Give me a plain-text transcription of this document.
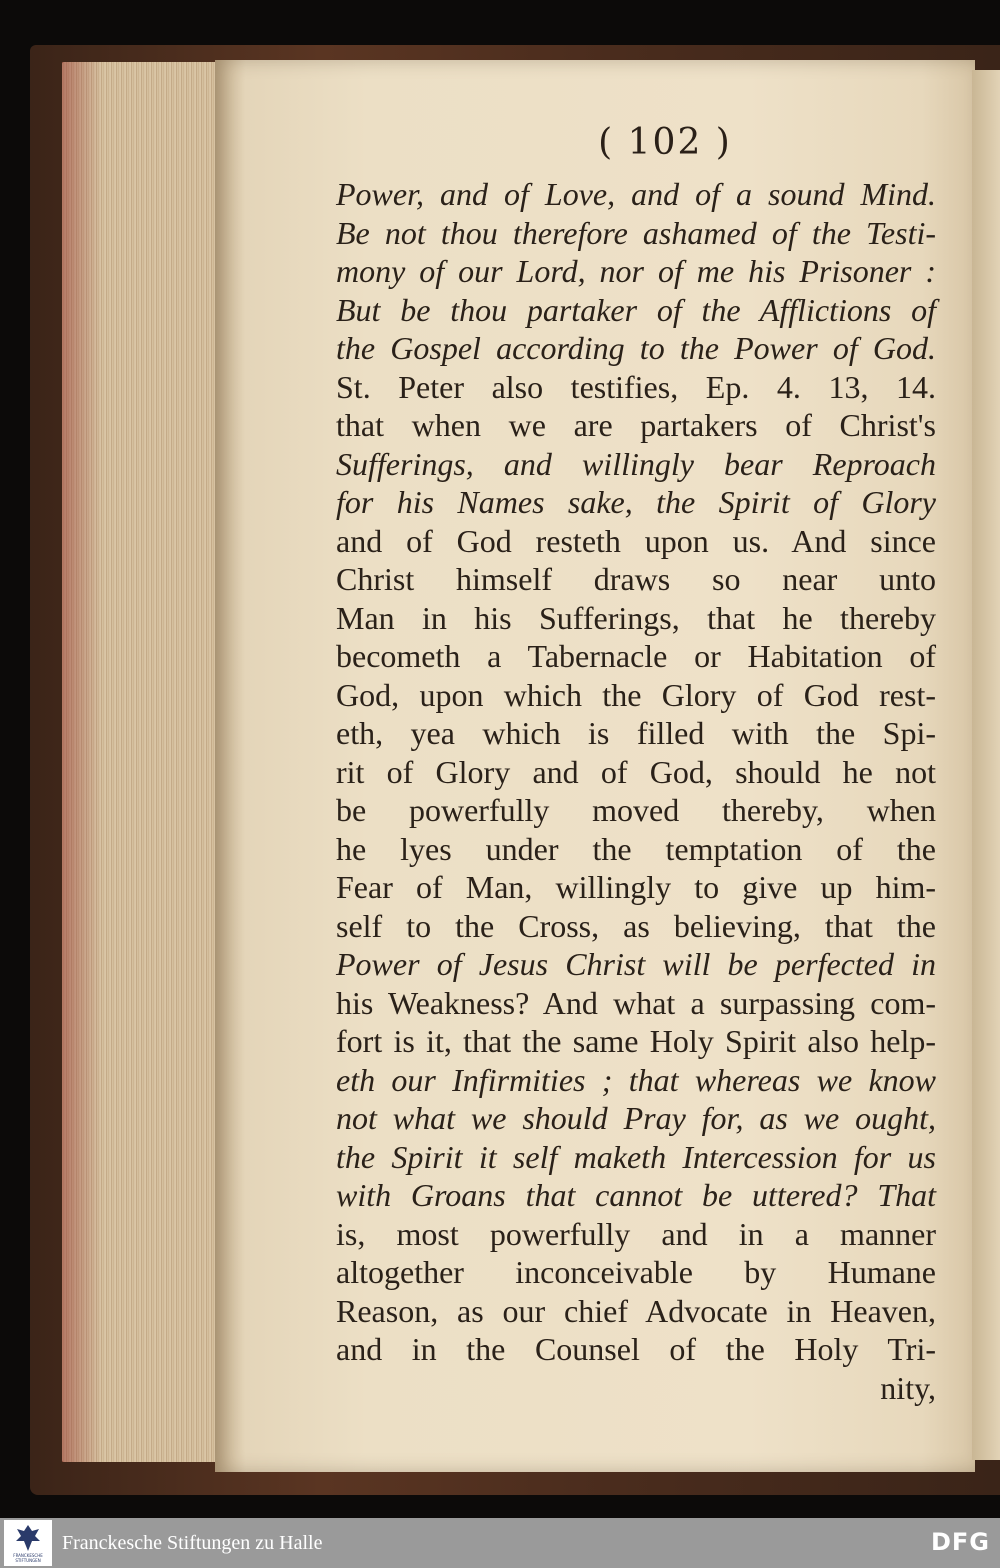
( 102 )
Power, and of Love, and of a sound Mind.
Be not thou therefore ashamed of the Testi-
mony of our Lord, nor of me his Prisoner :
But be thou partaker of the Afflictions of
the Gospel according to the Power of God.
St. Peter also testifies, Ep. 4. 13, 14.
that when we are partakers of Christ's
Sufferings, and willingly bear Reproach
for his Names sake, the Spirit of Glory
and of God resteth upon us. And since
Christ himself draws so near unto
Man in his Sufferings, that he thereby
becometh a Tabernacle or Habitation of
God, upon which the Glory of God rest-
eth, yea which is filled with the Spi-
rit of Glory and of God, should he not
be powerfully moved thereby, when
he lyes under the temptation of the
Fear of Man, willingly to give up him-
self to the Cross, as believing, that the
Power of Jesus Christ will be perfected in
his Weakness? And what a surpassing com-
fort is it, that the same Holy Spirit also help-
eth our Infirmities ; that whereas we know
not what we should Pray for, as we ought,
the Spirit it self maketh Intercession for us
with Groans that cannot be uttered? That
is, most powerfully and in a manner
altogether inconceivable by Humane
Reason, as our chief Advocate in Heaven,
and in the Counsel of the Holy Tri-
nity,
FRANCKESCHE STIFTUNGEN
Franckesche Stiftungen zu Halle	DFG
